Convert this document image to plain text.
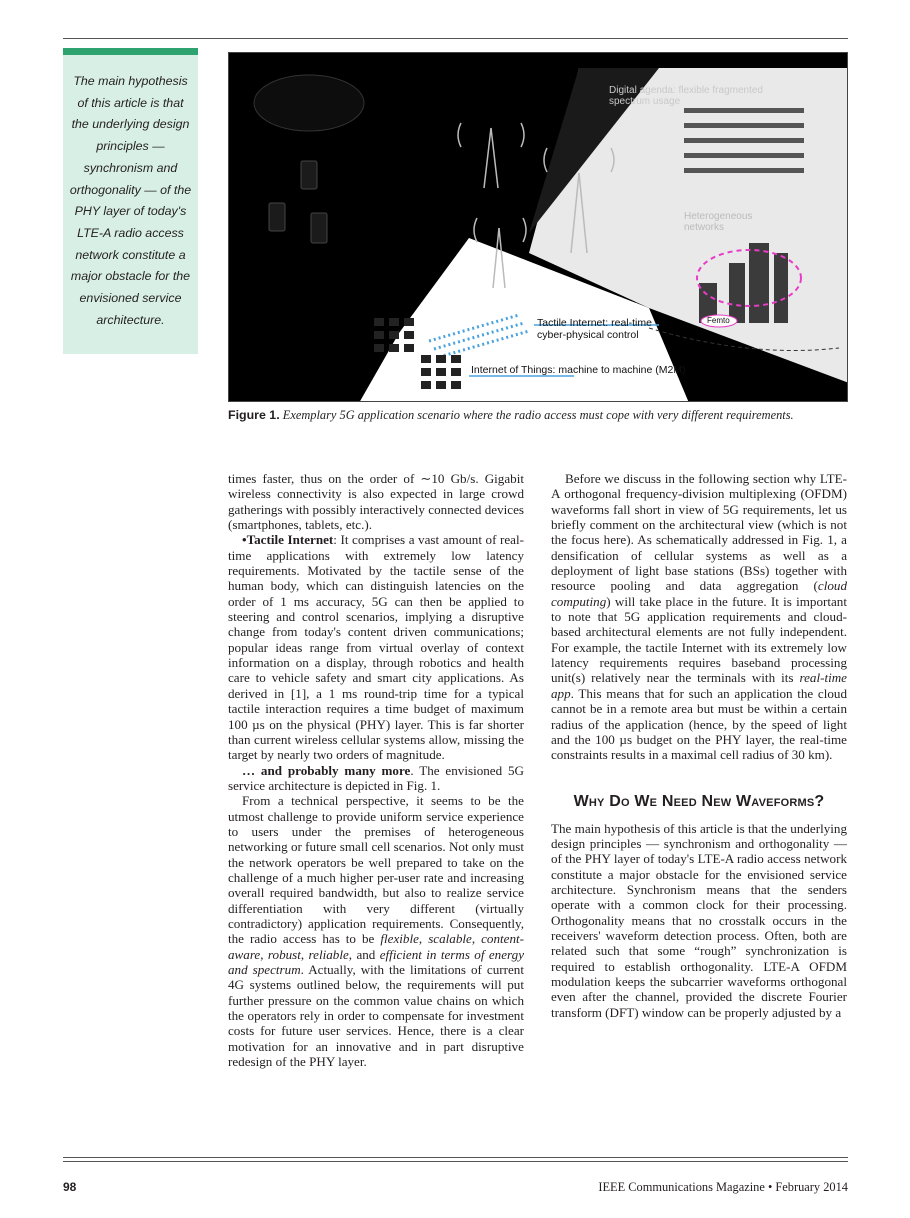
The main hypothesis of this article is that the underlying design principles — synchronism and orthogonality — of the PHY layer of today's LTE-A radio access network constitute a major obstacle for the envisioned service architecture.

Digital agenda: flexible fragmented spectrum usage
Heterogeneous networks
Tactile Internet: real-time cyber-physical control
Internet of Things: machine to machine (M2M)
Femto
Figure 1. Exemplary 5G application scenario where the radio access must cope with very different requirements.

times faster, thus on the order of ∼10 Gb/s. Gigabit wireless connectivity is also expected in large crowd gatherings with possibly interactively connected devices (smartphones, tablets, etc.).

•Tactile Internet: It comprises a vast amount of real-time applications with extremely low latency requirements. Motivated by the tactile sense of the human body, which can distinguish latencies on the order of 1 ms accuracy, 5G can then be applied to steering and control scenarios, implying a disruptive change from today's content driven communications; popular ideas range from virtual overlay of context information on a display, through robotics and health care to vehicle safety and smart city applications. As derived in [1], a 1 ms round-trip time for a typical tactile interaction requires a time budget of maximum 100 µs on the physical (PHY) layer. This is far shorter than current wireless cellular systems allow, missing the target by nearly two orders of magnitude.

… and probably many more. The envisioned 5G service architecture is depicted in Fig. 1.

From a technical perspective, it seems to be the utmost challenge to provide uniform service experience to users under the premises of heterogeneous networking or future small cell scenarios. Not only must the network operators be well prepared to take on the challenge of a much higher per-user rate and increasing overall required bandwidth, but also to realize service differentiation with very different (virtually contradictory) application requirements. Consequently, the radio access has to be flexible, scalable, content-aware, robust, reliable, and efficient in terms of energy and spectrum. Actually, with the limitations of current 4G systems outlined below, the requirements will put further pressure on the common value chains on which the operators rely in order to compensate for investment costs for future user services. Hence, there is a clear motivation for an innovative and in part disruptive redesign of the PHY layer.

Before we discuss in the following section why LTE-A orthogonal frequency-division multiplexing (OFDM) waveforms fall short in view of 5G requirements, let us briefly comment on the architectural view (which is not the focus here). As schematically addressed in Fig. 1, a densification of cellular systems as well as a deployment of light base stations (BSs) together with resource pooling and data aggregation (cloud computing) will take place in the future. It is important to note that 5G application requirements and cloud-based architectural elements are not fully independent. For example, the tactile Internet with its extremely low latency requirements requires baseband processing unit(s) relatively near the terminals with its real-time app. This means that for such an application the cloud cannot be in a remote area but must be within a certain radius of the application (hence, by the speed of light and the 100 µs budget on the PHY layer, the real-time constraints results in a maximal cell radius of 30 km).

Why Do We Need New Waveforms?

The main hypothesis of this article is that the underlying design principles — synchronism and orthogonality — of the PHY layer of today's LTE-A radio access network constitute a major obstacle for the envisioned service architecture. Synchronism means that the senders operate with a common clock for their processing. Orthogonality means that no crosstalk occurs in the receivers' waveform detection process. Often, both are related such that some “rough” synchronization is required to establish orthogonality. LTE-A OFDM modulation keeps the subcarrier waveforms orthogonal even after the channel, provided the discrete Fourier transform (DFT) window can be properly adjusted by a

98	IEEE Communications Magazine • February 2014
